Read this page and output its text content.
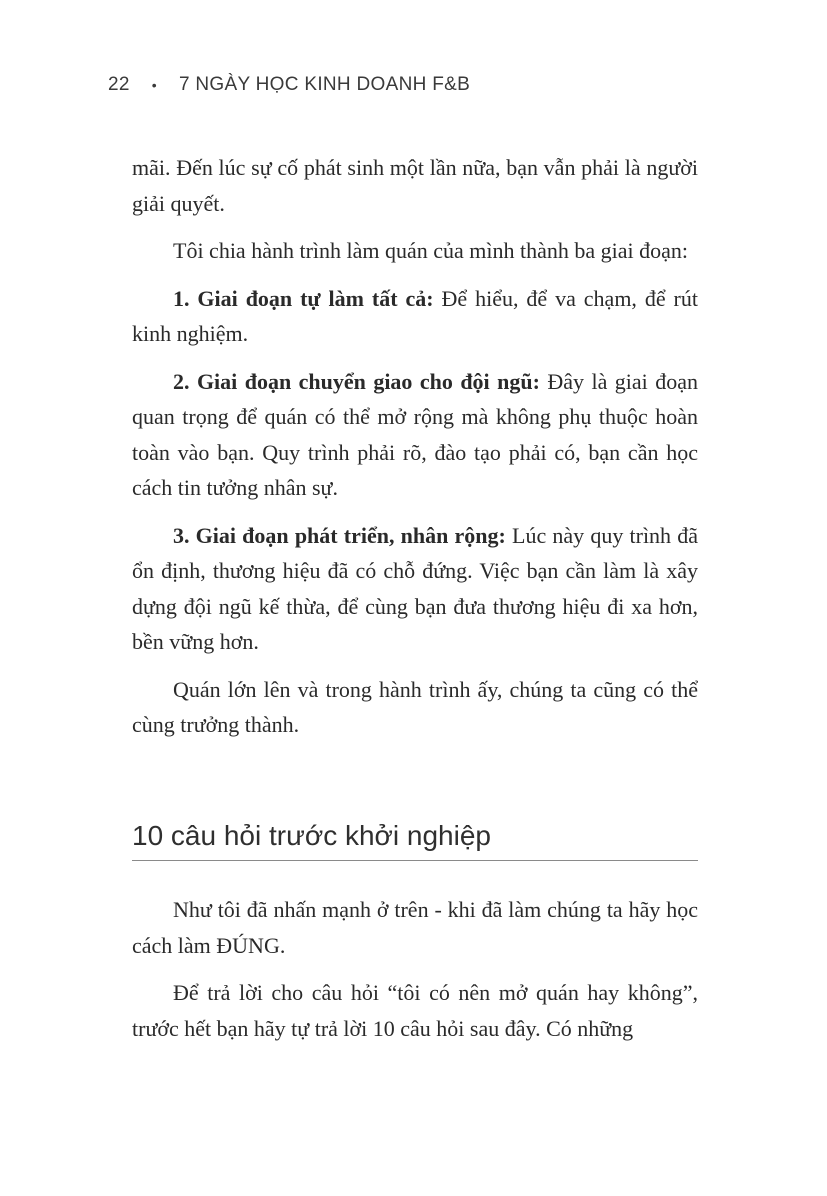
22 • 7 NGÀY HỌC KINH DOANH F&B

mãi. Đến lúc sự cố phát sinh một lần nữa, bạn vẫn phải là người giải quyết.

Tôi chia hành trình làm quán của mình thành ba giai đoạn:

1. Giai đoạn tự làm tất cả: Để hiểu, để va chạm, để rút kinh nghiệm.

2. Giai đoạn chuyển giao cho đội ngũ: Đây là giai đoạn quan trọng để quán có thể mở rộng mà không phụ thuộc hoàn toàn vào bạn. Quy trình phải rõ, đào tạo phải có, bạn cần học cách tin tưởng nhân sự.

3. Giai đoạn phát triển, nhân rộng: Lúc này quy trình đã ổn định, thương hiệu đã có chỗ đứng. Việc bạn cần làm là xây dựng đội ngũ kế thừa, để cùng bạn đưa thương hiệu đi xa hơn, bền vững hơn.

Quán lớn lên và trong hành trình ấy, chúng ta cũng có thể cùng trưởng thành.

10 câu hỏi trước khởi nghiệp

Như tôi đã nhấn mạnh ở trên - khi đã làm chúng ta hãy học cách làm ĐÚNG.

Để trả lời cho câu hỏi “tôi có nên mở quán hay không”, trước hết bạn hãy tự trả lời 10 câu hỏi sau đây. Có những
